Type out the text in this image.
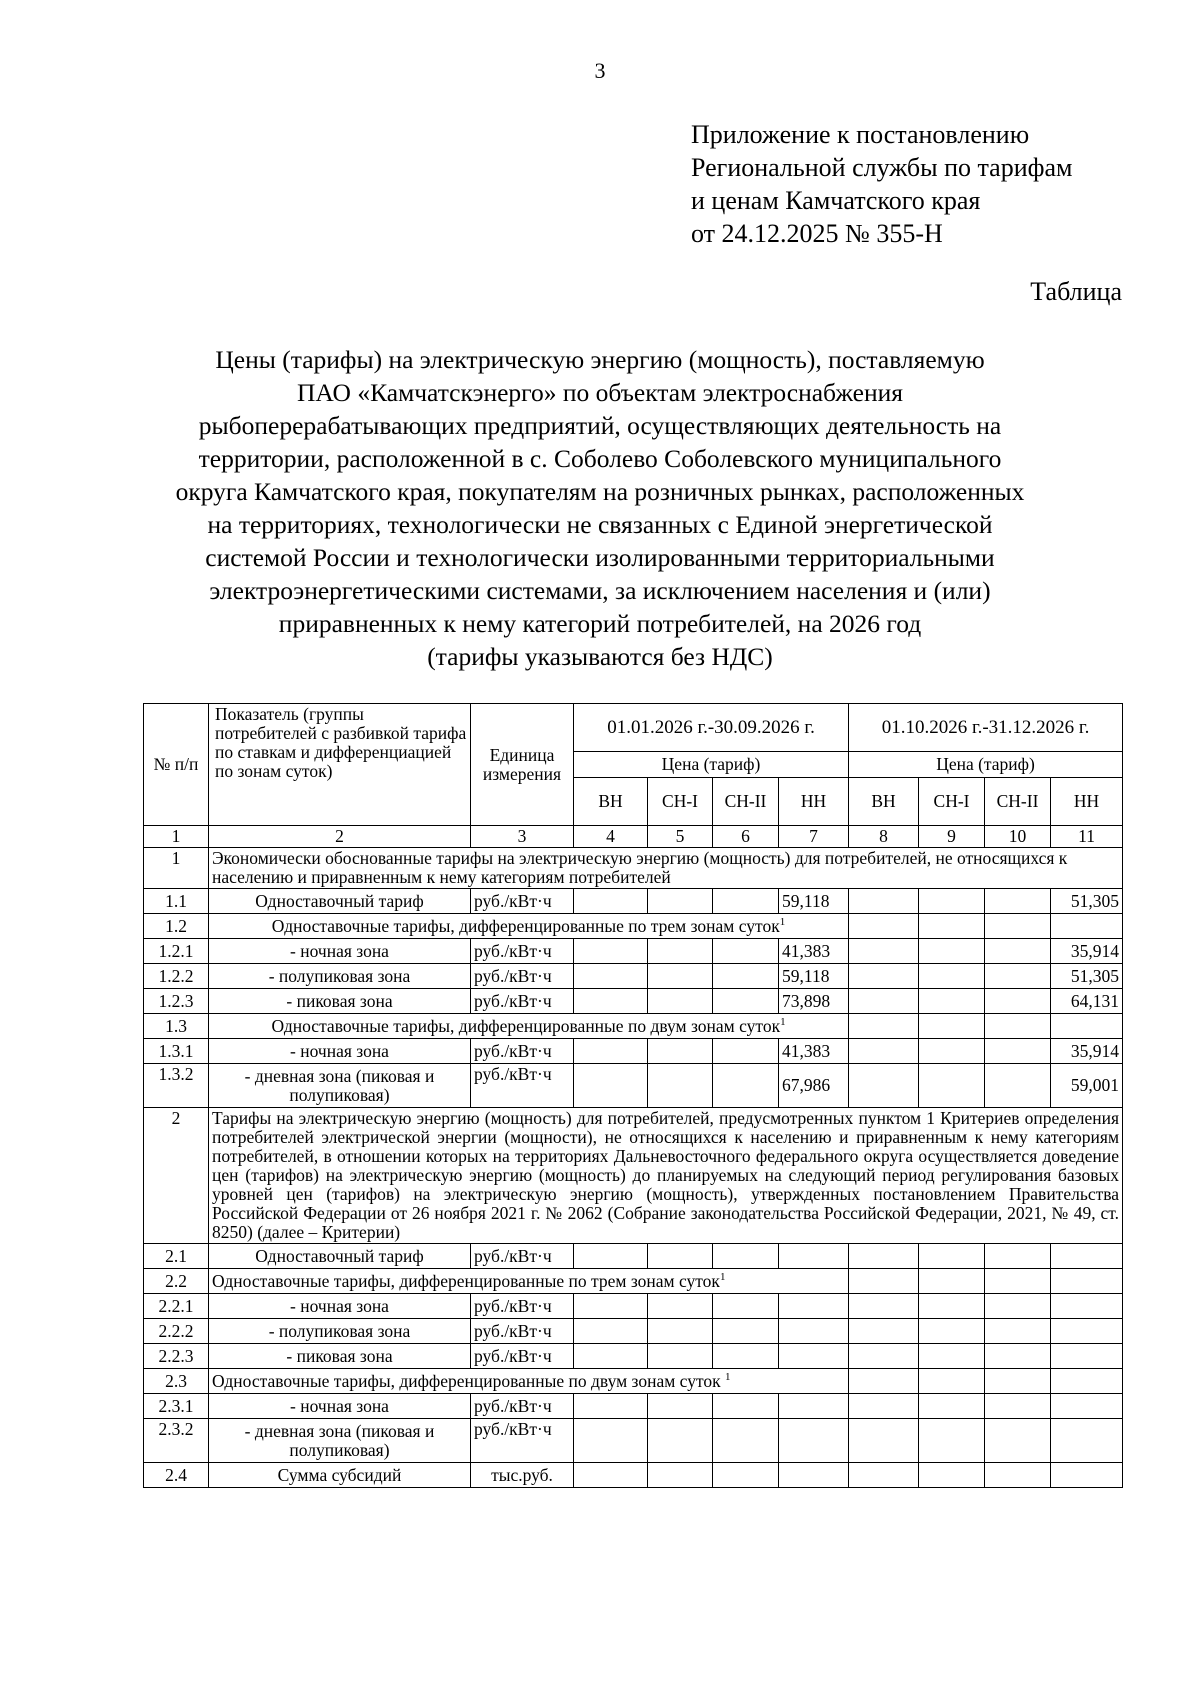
3
Приложение к постановлению
Региональной службы по тарифам
и ценам Камчатского края
от 24.12.2025 № 355-Н
Таблица
Цены (тарифы) на электрическую энергию (мощность), поставляемую
ПАО «Камчатскэнерго» по объектам электроснабжения
рыбоперерабатывающих предприятий, осуществляющих деятельность на
территории, расположенной в с. Соболево Соболевского муниципального
округа Камчатского края, покупателям на розничных рынках, расположенных
на территориях, технологически не связанных с Единой энергетической
системой России и технологически изолированными территориальными
электроэнергетическими системами, за исключением населения и (или)
приравненных к нему категорий потребителей, на 2026 год
(тарифы указываются без НДС)
№ п/п	Показатель (группы потребителей с разбивкой тарифа по ставкам и дифференциацией по зонам суток)	Единица измерения	01.01.2026 г.-30.09.2026 г.				01.10.2026 г.-31.12.2026 г.			
			Цена (тариф)				Цена (тариф)			
			ВН	СН-I	СН-II	НН	ВН	СН-I	СН-II	НН
1	2	3	4	5	6	7	8	9	10	11
1	Экономически обоснованные тарифы на электрическую энергию (мощность) для потребителей, не относящихся к населению и приравненным к нему категориям потребителей									
1.1	Одноставочный тариф	руб./кВт·ч				59,118				51,305
1.2	Одноставочные тарифы, дифференцированные по трем зонам суток$^1$				
1.2.1	- ночная зона	руб./кВт·ч				41,383				35,914
1.2.2	- полупиковая зона	руб./кВт·ч				59,118				51,305
1.2.3	- пиковая зона	руб./кВт·ч				73,898				64,131
1.3	Одноставочные тарифы, дифференцированные по двум зонам суток$^1$				
1.3.1	- ночная зона	руб./кВт·ч				41,383				35,914
1.3.2	- дневная зона (пиковая и полупиковая)	руб./кВт·ч				67,986				59,001
2	Тарифы на электрическую энергию (мощность) для потребителей, предусмотренных пунктом 1 Критериев определения потребителей электрической энергии (мощности), не относящихся к населению и приравненным к нему категориям потребителей, в отношении которых на территориях Дальневосточного федерального округа осуществляется доведение цен (тарифов) на электрическую энергию (мощность) до планируемых на следующий период регулирования базовых уровней цен (тарифов) на электрическую энергию (мощность), утвержденных постановлением Правительства Российской Федерации от 26 ноября 2021 г. № 2062 (Собрание законодательства Российской Федерации, 2021, № 49, ст. 8250) (далее – Критерии)									
2.1	Одноставочный тариф	руб./кВт·ч								
2.2	Одноставочные тарифы, дифференцированные по трем зонам суток$^1$				
2.2.1	- ночная зона	руб./кВт·ч								
2.2.2	- полупиковая зона	руб./кВт·ч								
2.2.3	- пиковая зона	руб./кВт·ч								
2.3	Одноставочные тарифы, дифференцированные по двум зонам суток $^1$				
2.3.1	- ночная зона	руб./кВт·ч								
2.3.2	- дневная зона (пиковая и полупиковая)	руб./кВт·ч								
2.4	Сумма субсидий	тыс.руб.								
